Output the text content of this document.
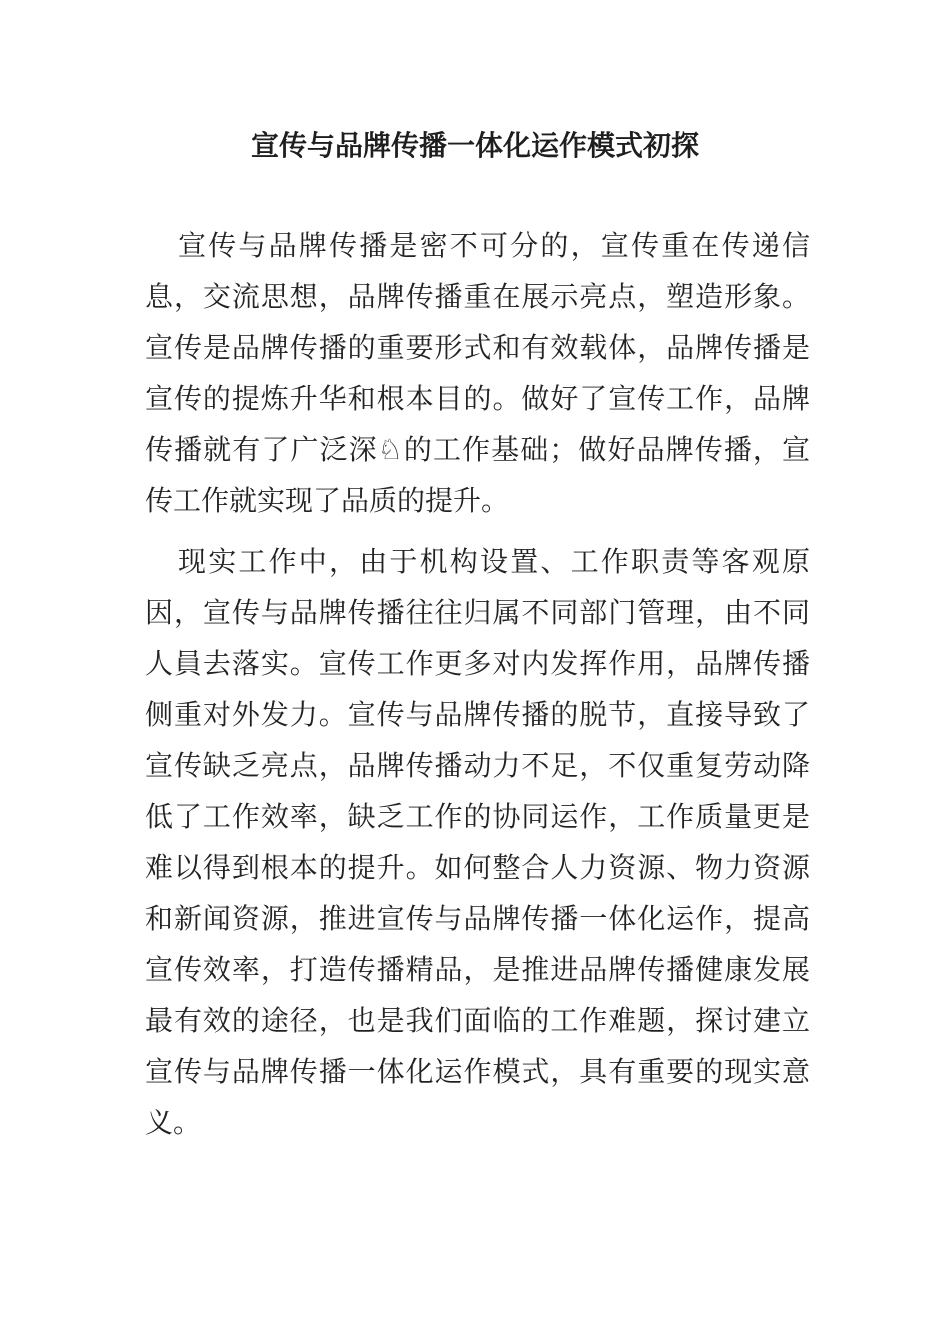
宣传与品牌传播一体化运作模式初探

宣传与品牌传播是密不可分的，宣传重在传递信息，交流思想，品牌传播重在展示亮点，塑造形象。宣传是品牌传播的重要形式和有效载体，品牌传播是宣传的提炼升华和根本目的。做好了宣传工作，品牌传播就有了广泛深♘的工作基础；做好品牌传播，宣传工作就实现了品质的提升。

现实工作中，由于机构设置、工作职责等客观原因，宣传与品牌传播往往归属不同部门管理，由不同人員去落实。宣传工作更多对内发挥作用，品牌传播侧重对外发力。宣传与品牌传播的脱节，直接导致了宣传缺乏亮点，品牌传播动力不足，不仅重复劳动降低了工作效率，缺乏工作的协同运作，工作质量更是难以得到根本的提升。如何整合人力资源、物力资源和新闻资源，推进宣传与品牌传播一体化运作，提高宣传效率，打造传播精品，是推进品牌传播健康发展最有效的途径，也是我们面临的工作难题，探讨建立宣传与品牌传播一体化运作模式，具有重要的现实意义。
